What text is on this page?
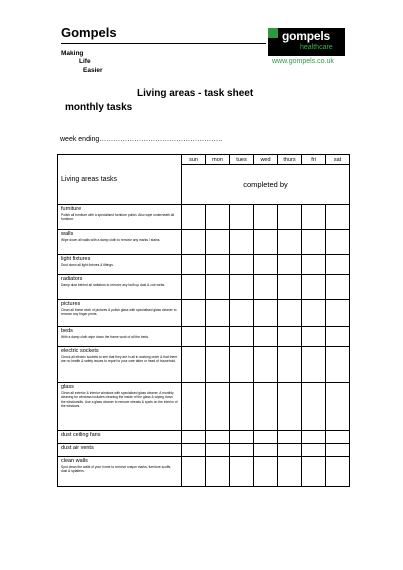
Gompels
Making
Life
Easier
gompels
healthcare
www.gompels.co.uk
Living areas - task sheet
monthly tasks
week ending……………………………………………..
Living areas tasks	sun	mon	tues	wed	thurs	fri	sat
	completed by						

furniture
Polish all furniture with a specialised furniture polish. Also wipe underneath all furniture.							

walls
Wipe down all walls with a damp cloth to remove any marks / stains.							

light fixtures
Dust down all light fixtures & fittings.							

radiators
Damp dust behind all radiators to remove any built up dust & cob webs.							

pictures
Clean all frame work of pictures & polish glass with specialised glass cleaner to remove any finger prints.							

beds
With a damp cloth wipe down the frame work of all the beds.							

electric sockets
Check all electric sockets to see that they are in all in working order & that there are no health & safety issues to report to your care taker or head of household.							

glass
Clean all exterior & interior windows with specialised glass cleaner. A monthly cleaning for windows includes cleaning the inside of the glass & wiping down the windowsills. Use a glass cleaner to remove streaks & spots on the interior of the windows.							

dust ceiling fans							

dust air vents							

clean walls
Spot clean the walls of your home to remove crayon marks, furniture scuffs, dust & splatters.							
